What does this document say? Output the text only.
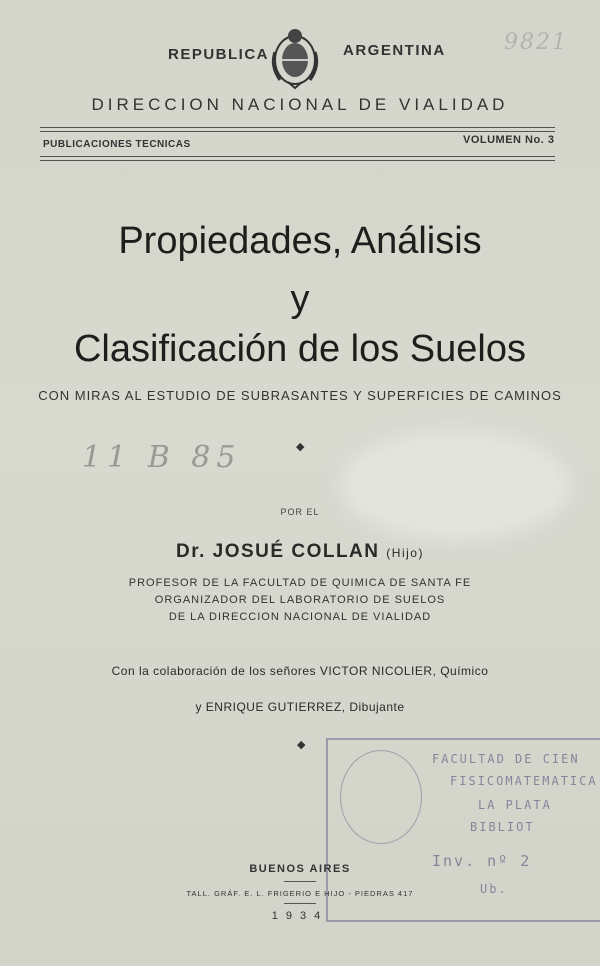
9821
REPUBLICA	ARGENTINA
DIRECCION NACIONAL DE VIALIDAD
PUBLICACIONES TECNICAS	VOLUMEN No. 3
Propiedades, Análisis
y
Clasificación de los Suelos
CON MIRAS AL ESTUDIO DE SUBRASANTES Y SUPERFICIES DE CAMINOS
11 B 85	◆
POR EL
Dr. JOSUÉ COLLAN (Hijo)
PROFESOR DE LA FACULTAD DE QUIMICA DE SANTA FE
ORGANIZADOR DEL LABORATORIO DE SUELOS
DE LA DIRECCION NACIONAL DE VIALIDAD
Con la colaboración de los señores VICTOR NICOLIER, Químico
y ENRIQUE GUTIERREZ, Dibujante
◆
FACULTAD DE CIEN
FISICOMATEMATICA
LA PLATA
BIBLIOT
Inv. nº 2
Ub.
BUENOS AIRES
TALL. GRÁF. E. L. FRIGERIO E HIJO - PIEDRAS 417
1934
